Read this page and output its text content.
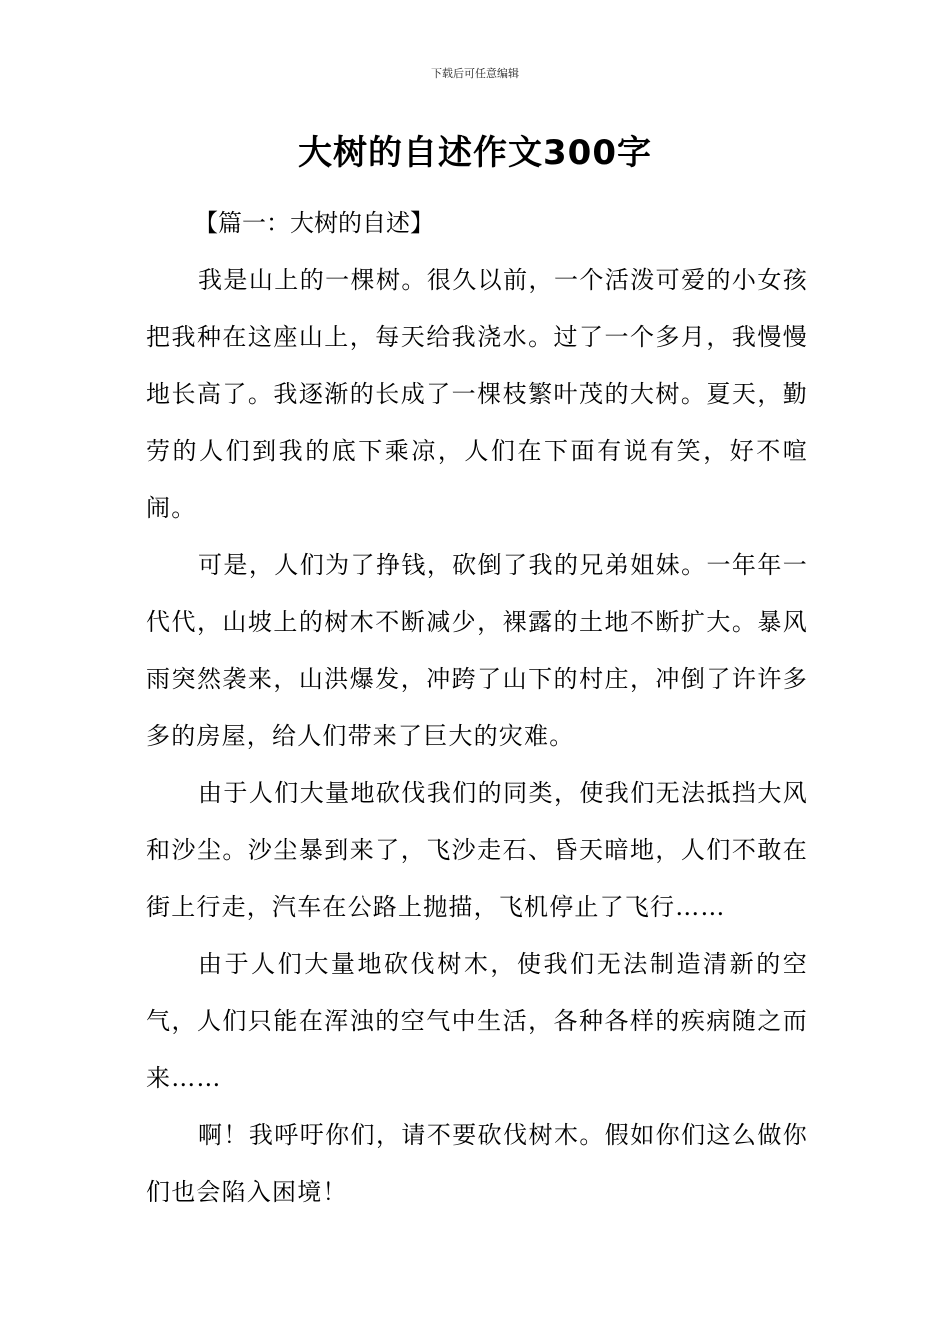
下载后可任意编辑
大树的自述作文300字

【篇一：大树的自述】

我是山上的一棵树。很久以前，一个活泼可爱的小女孩把我种在这座山上，每天给我浇水。过了一个多月，我慢慢地长高了。我逐渐的长成了一棵枝繁叶茂的大树。夏天，勤劳的人们到我的底下乘凉，人们在下面有说有笑，好不喧闹。

可是，人们为了挣钱，砍倒了我的兄弟姐妹。一年年一代代，山坡上的树木不断减少，裸露的土地不断扩大。暴风雨突然袭来，山洪爆发，冲跨了山下的村庄，冲倒了许许多多的房屋，给人们带来了巨大的灾难。

由于人们大量地砍伐我们的同类，使我们无法抵挡大风和沙尘。沙尘暴到来了，飞沙走石、昏天暗地，人们不敢在街上行走，汽车在公路上抛描，飞机停止了飞行……

由于人们大量地砍伐树木，使我们无法制造清新的空气，人们只能在浑浊的空气中生活，各种各样的疾病随之而来……

啊！我呼吁你们，请不要砍伐树木。假如你们这么做你们也会陷入困境！
